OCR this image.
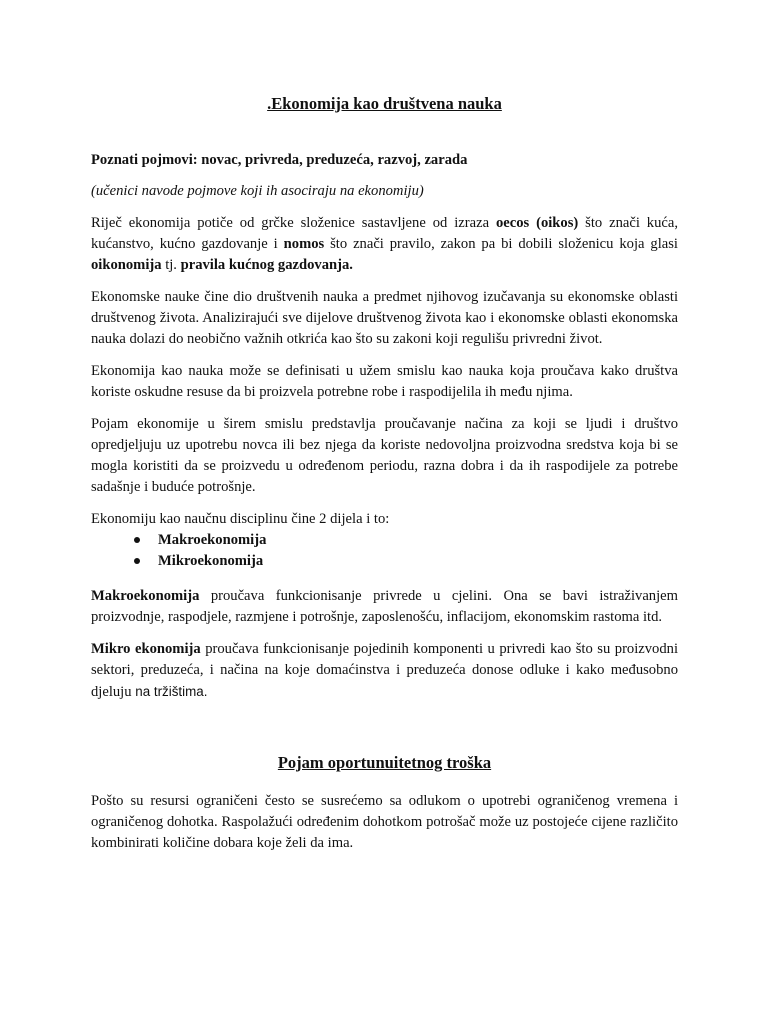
.Ekonomija kao društvena nauka

Poznati pojmovi: novac, privreda, preduzeća, razvoj, zarada

(učenici navode pojmove koji ih asociraju na ekonomiju)

Riječ ekonomija potiče od grčke složenice sastavljene od izraza oecos (oikos) što znači kuća, kućanstvo, kućno gazdovanje i nomos što znači pravilo, zakon pa bi dobili složenicu koja glasi oikonomija tj. pravila kućnog gazdovanja.

Ekonomske nauke čine dio društvenih nauka a predmet njihovog izučavanja su ekonomske oblasti društvenog života. Analizirajući sve dijelove društvenog života kao i ekonomske oblasti ekonomska nauka dolazi do neobično važnih otkrića kao što su zakoni koji regulišu privredni život.

Ekonomija kao nauka može se definisati u užem smislu kao nauka koja proučava kako društva koriste oskudne resuse da bi proizvela potrebne robe i raspodijelila ih među njima.

Pojam ekonomije u širem smislu predstavlja proučavanje načina za koji se ljudi i društvo opredjeljuju uz upotrebu novca ili bez njega da koriste nedovoljna proizvodna sredstva koja bi se mogla koristiti da se proizvedu u određenom periodu, razna dobra i da ih raspodijele za potrebe sadašnje i buduće potrošnje.

Ekonomiju kao naučnu disciplinu čine 2 dijela i to:

Makroekonomija
Mikroekonomija

Makroekonomija proučava funkcionisanje privrede u cjelini. Ona se bavi istraživanjem proizvodnje, raspodjele, razmjene i potrošnje, zaposlenošću, inflacijom, ekonomskim rastoma itd.

Mikro ekonomija proučava funkcionisanje pojedinih komponenti u privredi kao što su proizvodni sektori, preduzeća, i načina na koje domaćinstva i preduzeća donose odluke i kako međusobno djeluju na tržištima.

Pojam oportunuitetnog troška

Pošto su resursi ograničeni često se susrećemo sa odlukom o upotrebi ograničenog vremena i ograničenog dohotka. Raspolažući određenim dohotkom potrošač može uz postojeće cijene različito kombinirati količine dobara koje želi da ima.
